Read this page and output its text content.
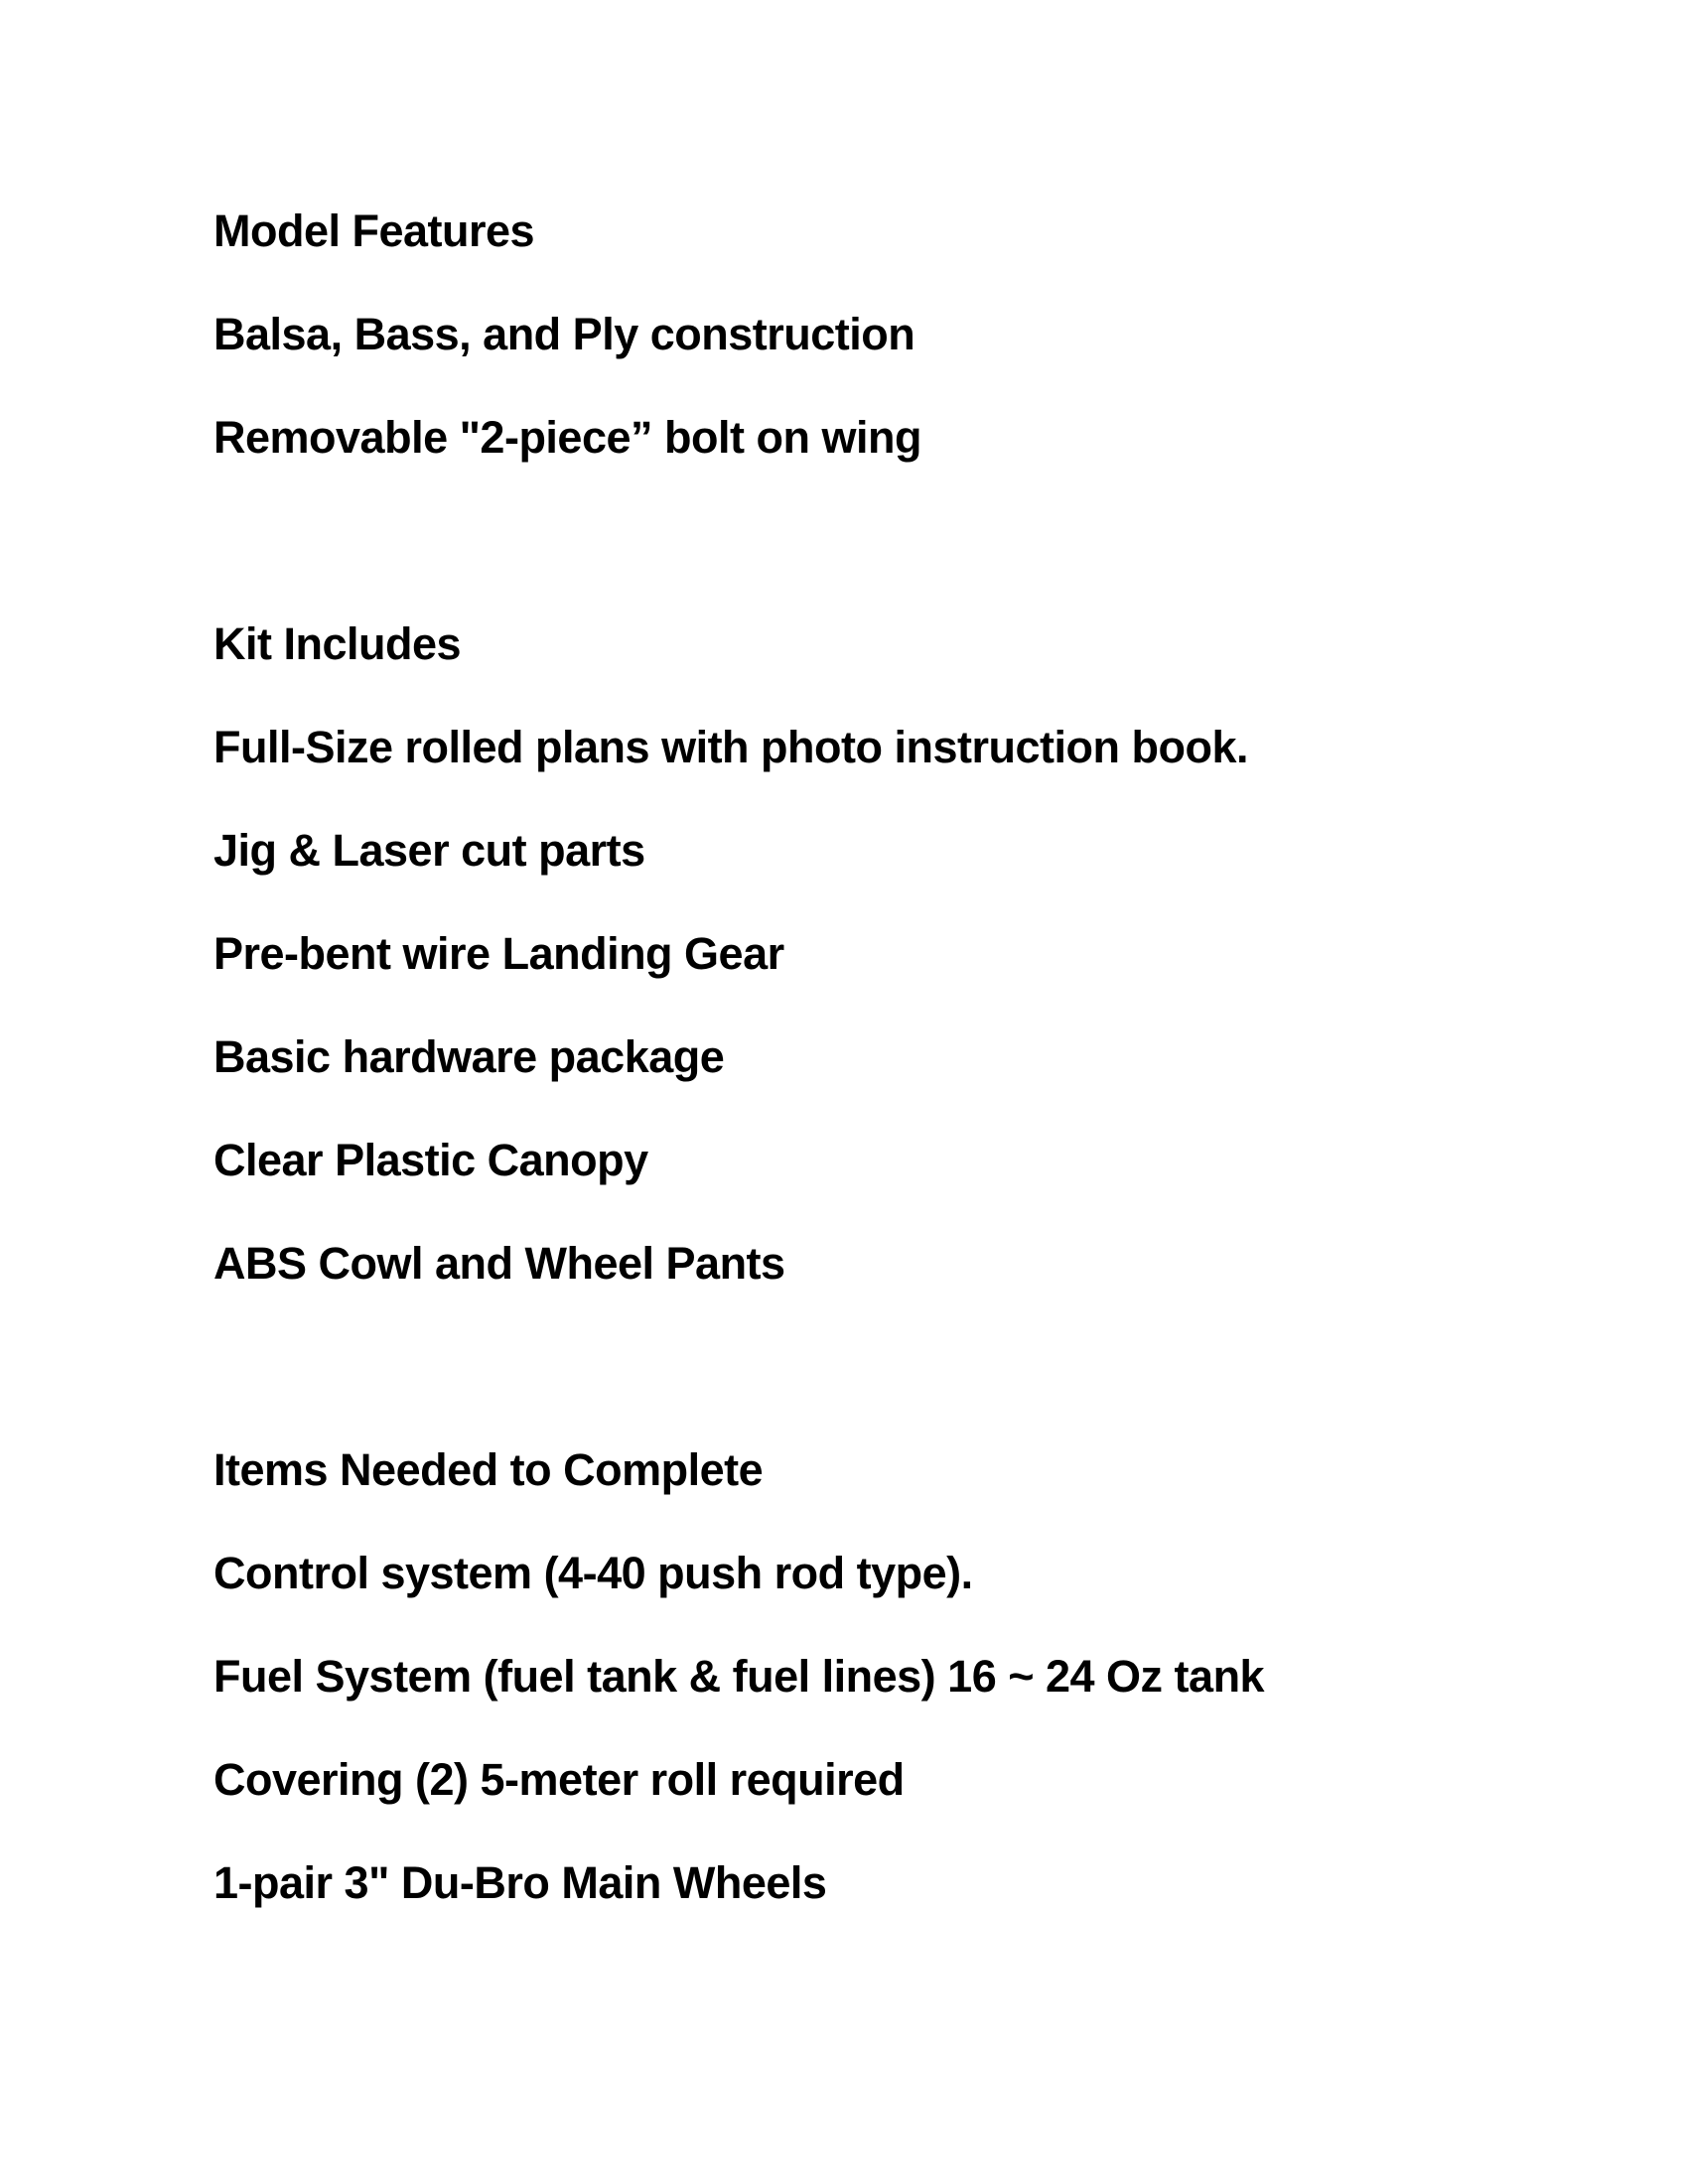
Model Features

Balsa, Bass, and Ply construction

Removable "2-piece” bolt on wing

Kit Includes

Full-Size rolled plans with photo instruction book.

Jig & Laser cut parts

Pre-bent wire Landing Gear

Basic hardware package

Clear Plastic Canopy

ABS Cowl and Wheel Pants

Items Needed to Complete

Control system (4-40 push rod type).

Fuel System (fuel tank & fuel lines) 16 ~ 24 Oz tank

Covering (2) 5-meter roll required

1-pair 3" Du-Bro Main Wheels
